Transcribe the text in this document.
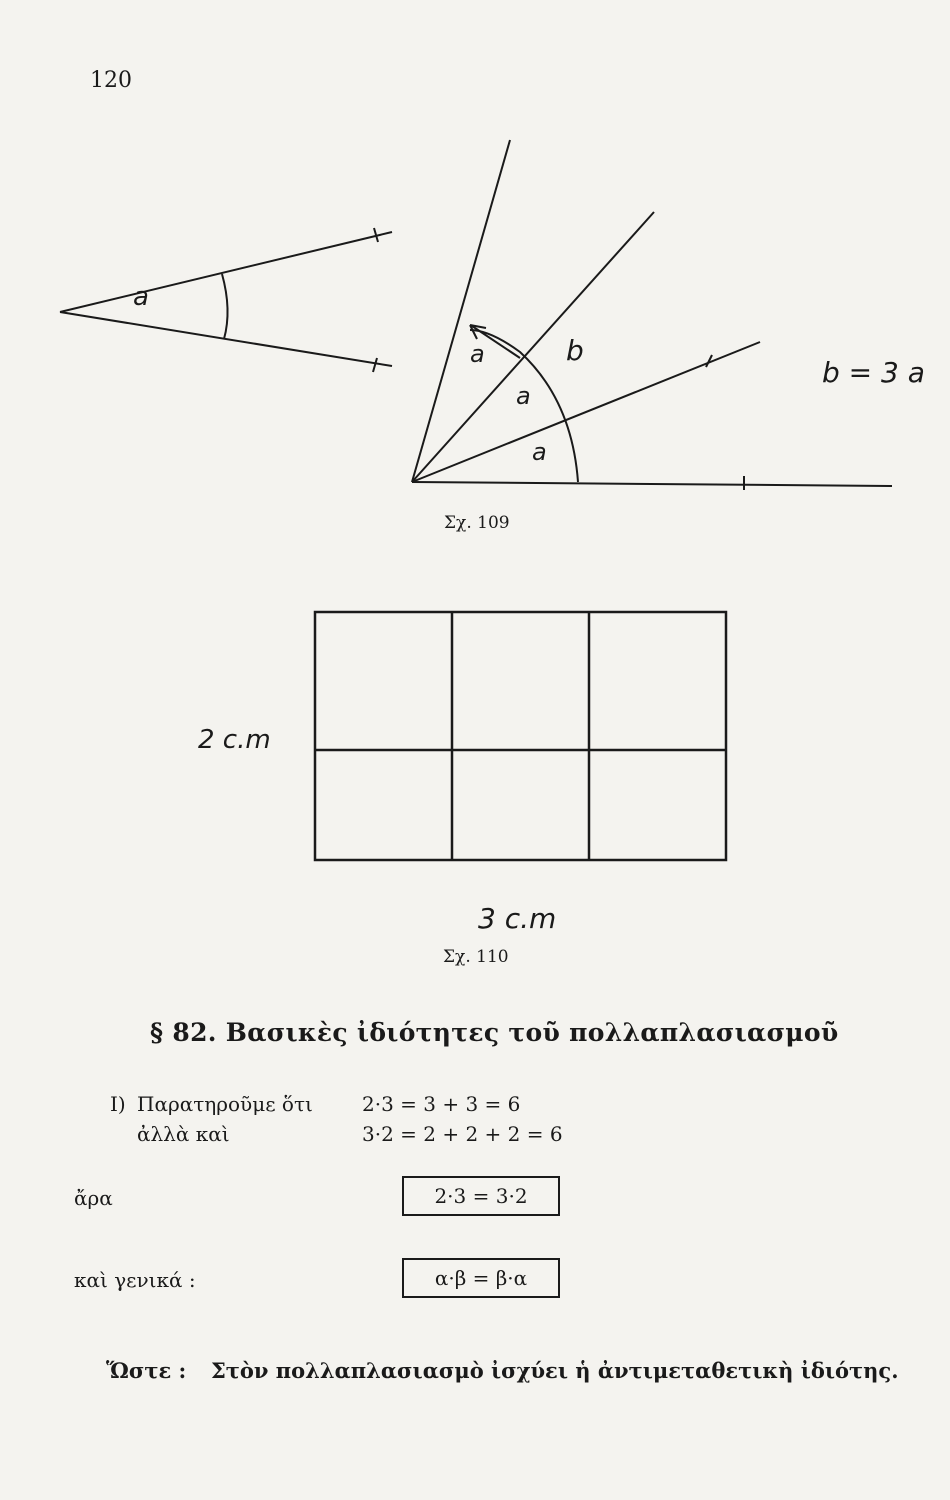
120
a
a
a
a
b
b = 3 a
Σχ. 109
2 c.m
3 c.m
Σχ. 110
§ 82. Βασικὲς ἰδιότητες τοῦ πολλαπλασιασμοῦ
I) Παρατηροῦμε ὅτι 2·3 = 3 + 3 = 6
ἀλλὰ καὶ	3·2 = 2 + 2 + 2 = 6
ἄρα	2·3 = 3·2
καὶ γενικά :	α·β = β·α
Ὥστε : Στὸν πολλαπλασιασμὸ ἰσχύει ἡ ἀντιμεταθετικὴ ἰδιότης.
